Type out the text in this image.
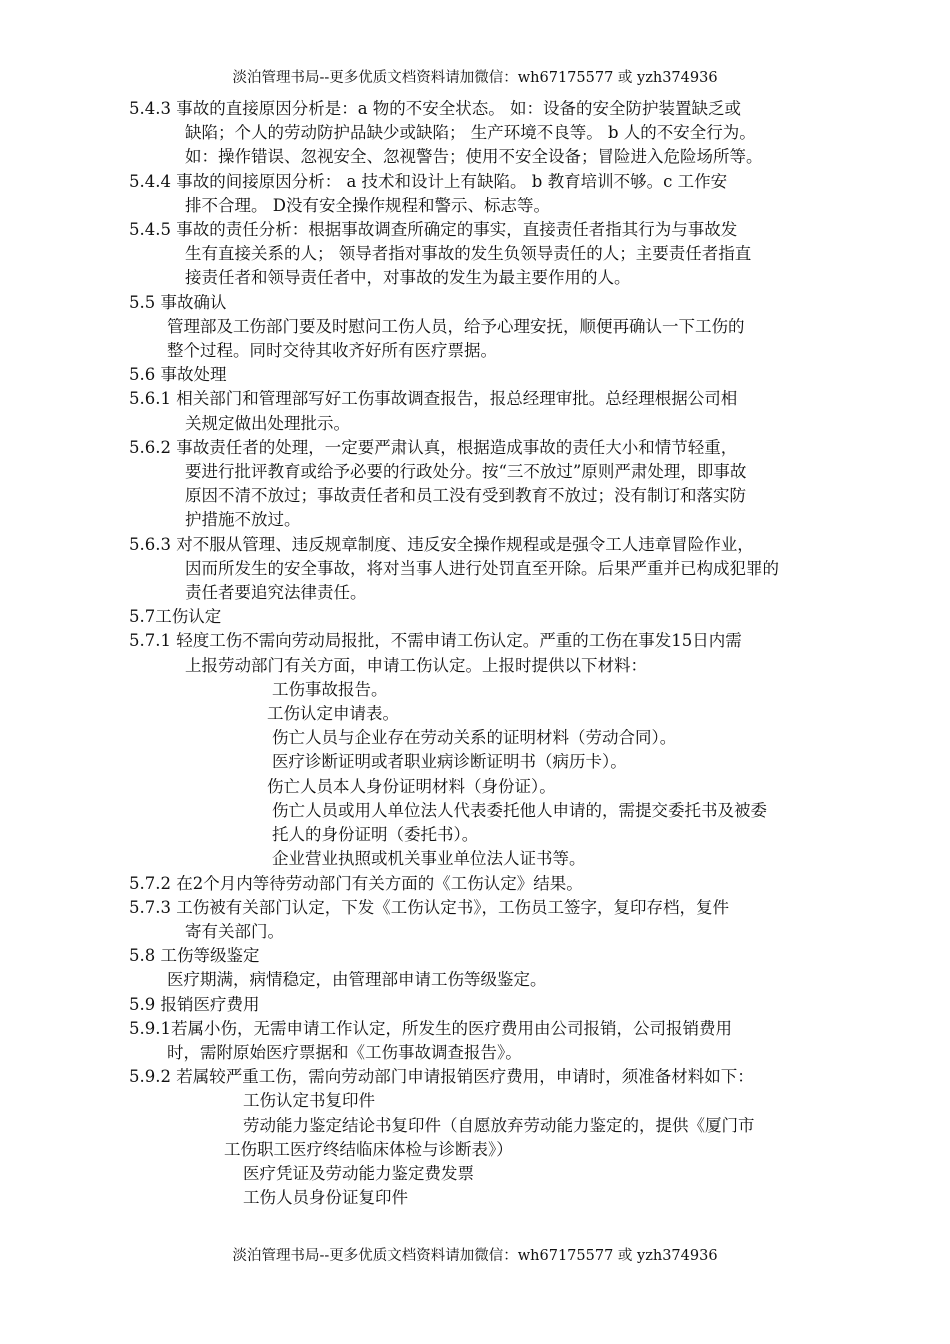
淡泊管理书局--更多优质文档资料请加微信：wh67175577 或 yzh374936
5.4.3 事故的直接原因分析是：a 物的不安全状态。 如：设备的安全防护装置缺乏或
缺陷；个人的劳动防护品缺少或缺陷； 生产环境不良等。 b 人的不安全行为。
如：操作错误、忽视安全、忽视警告；使用不安全设备；冒险进入危险场所等。
5.4.4 事故的间接原因分析： a 技术和设计上有缺陷。 b 教育培训不够。c 工作安
排不合理。 D没有安全操作规程和警示、标志等。
5.4.5 事故的责任分析：根据事故调查所确定的事实，直接责任者指其行为与事故发
生有直接关系的人； 领导者指对事故的发生负领导责任的人；主要责任者指直
接责任者和领导责任者中，对事故的发生为最主要作用的人。
5.5 事故确认
管理部及工伤部门要及时慰问工伤人员，给予心理安抚，顺便再确认一下工伤的
整个过程。同时交待其收齐好所有医疗票据。
5.6 事故处理
5.6.1 相关部门和管理部写好工伤事故调查报告，报总经理审批。总经理根据公司相
关规定做出处理批示。
5.6.2 事故责任者的处理，一定要严肃认真，根据造成事故的责任大小和情节轻重，
要进行批评教育或给予必要的行政处分。按“三不放过”原则严肃处理，即事故
原因不清不放过；事故责任者和员工没有受到教育不放过；没有制订和落实防
护措施不放过。
5.6.3 对不服从管理、违反规章制度、违反安全操作规程或是强令工人违章冒险作业，
因而所发生的安全事故，将对当事人进行处罚直至开除。后果严重并已构成犯罪的
责任者要追究法律责任。
5.7工伤认定
5.7.1 轻度工伤不需向劳动局报批，不需申请工伤认定。严重的工伤在事发15日内需
上报劳动部门有关方面，申请工伤认定。上报时提供以下材料：
工伤事故报告。
工伤认定申请表。
伤亡人员与企业存在劳动关系的证明材料（劳动合同）。
医疗诊断证明或者职业病诊断证明书（病历卡）。
伤亡人员本人身份证明材料（身份证）。
伤亡人员或用人单位法人代表委托他人申请的，需提交委托书及被委
托人的身份证明（委托书）。
企业营业执照或机关事业单位法人证书等。
5.7.2 在2个月内等待劳动部门有关方面的《工伤认定》结果。
5.7.3 工伤被有关部门认定，下发《工伤认定书》，工伤员工签字，复印存档，复件
寄有关部门。
5.8 工伤等级鉴定
医疗期满，病情稳定，由管理部申请工伤等级鉴定。
5.9 报销医疗费用
5.9.1若属小伤，无需申请工作认定，所发生的医疗费用由公司报销，公司报销费用
时，需附原始医疗票据和《工伤事故调查报告》。
5.9.2 若属较严重工伤，需向劳动部门申请报销医疗费用，申请时，须准备材料如下：
工伤认定书复印件
劳动能力鉴定结论书复印件（自愿放弃劳动能力鉴定的，提供《厦门市
工伤职工医疗终结临床体检与诊断表》）
医疗凭证及劳动能力鉴定费发票
工伤人员身份证复印件
淡泊管理书局--更多优质文档资料请加微信：wh67175577 或 yzh374936
